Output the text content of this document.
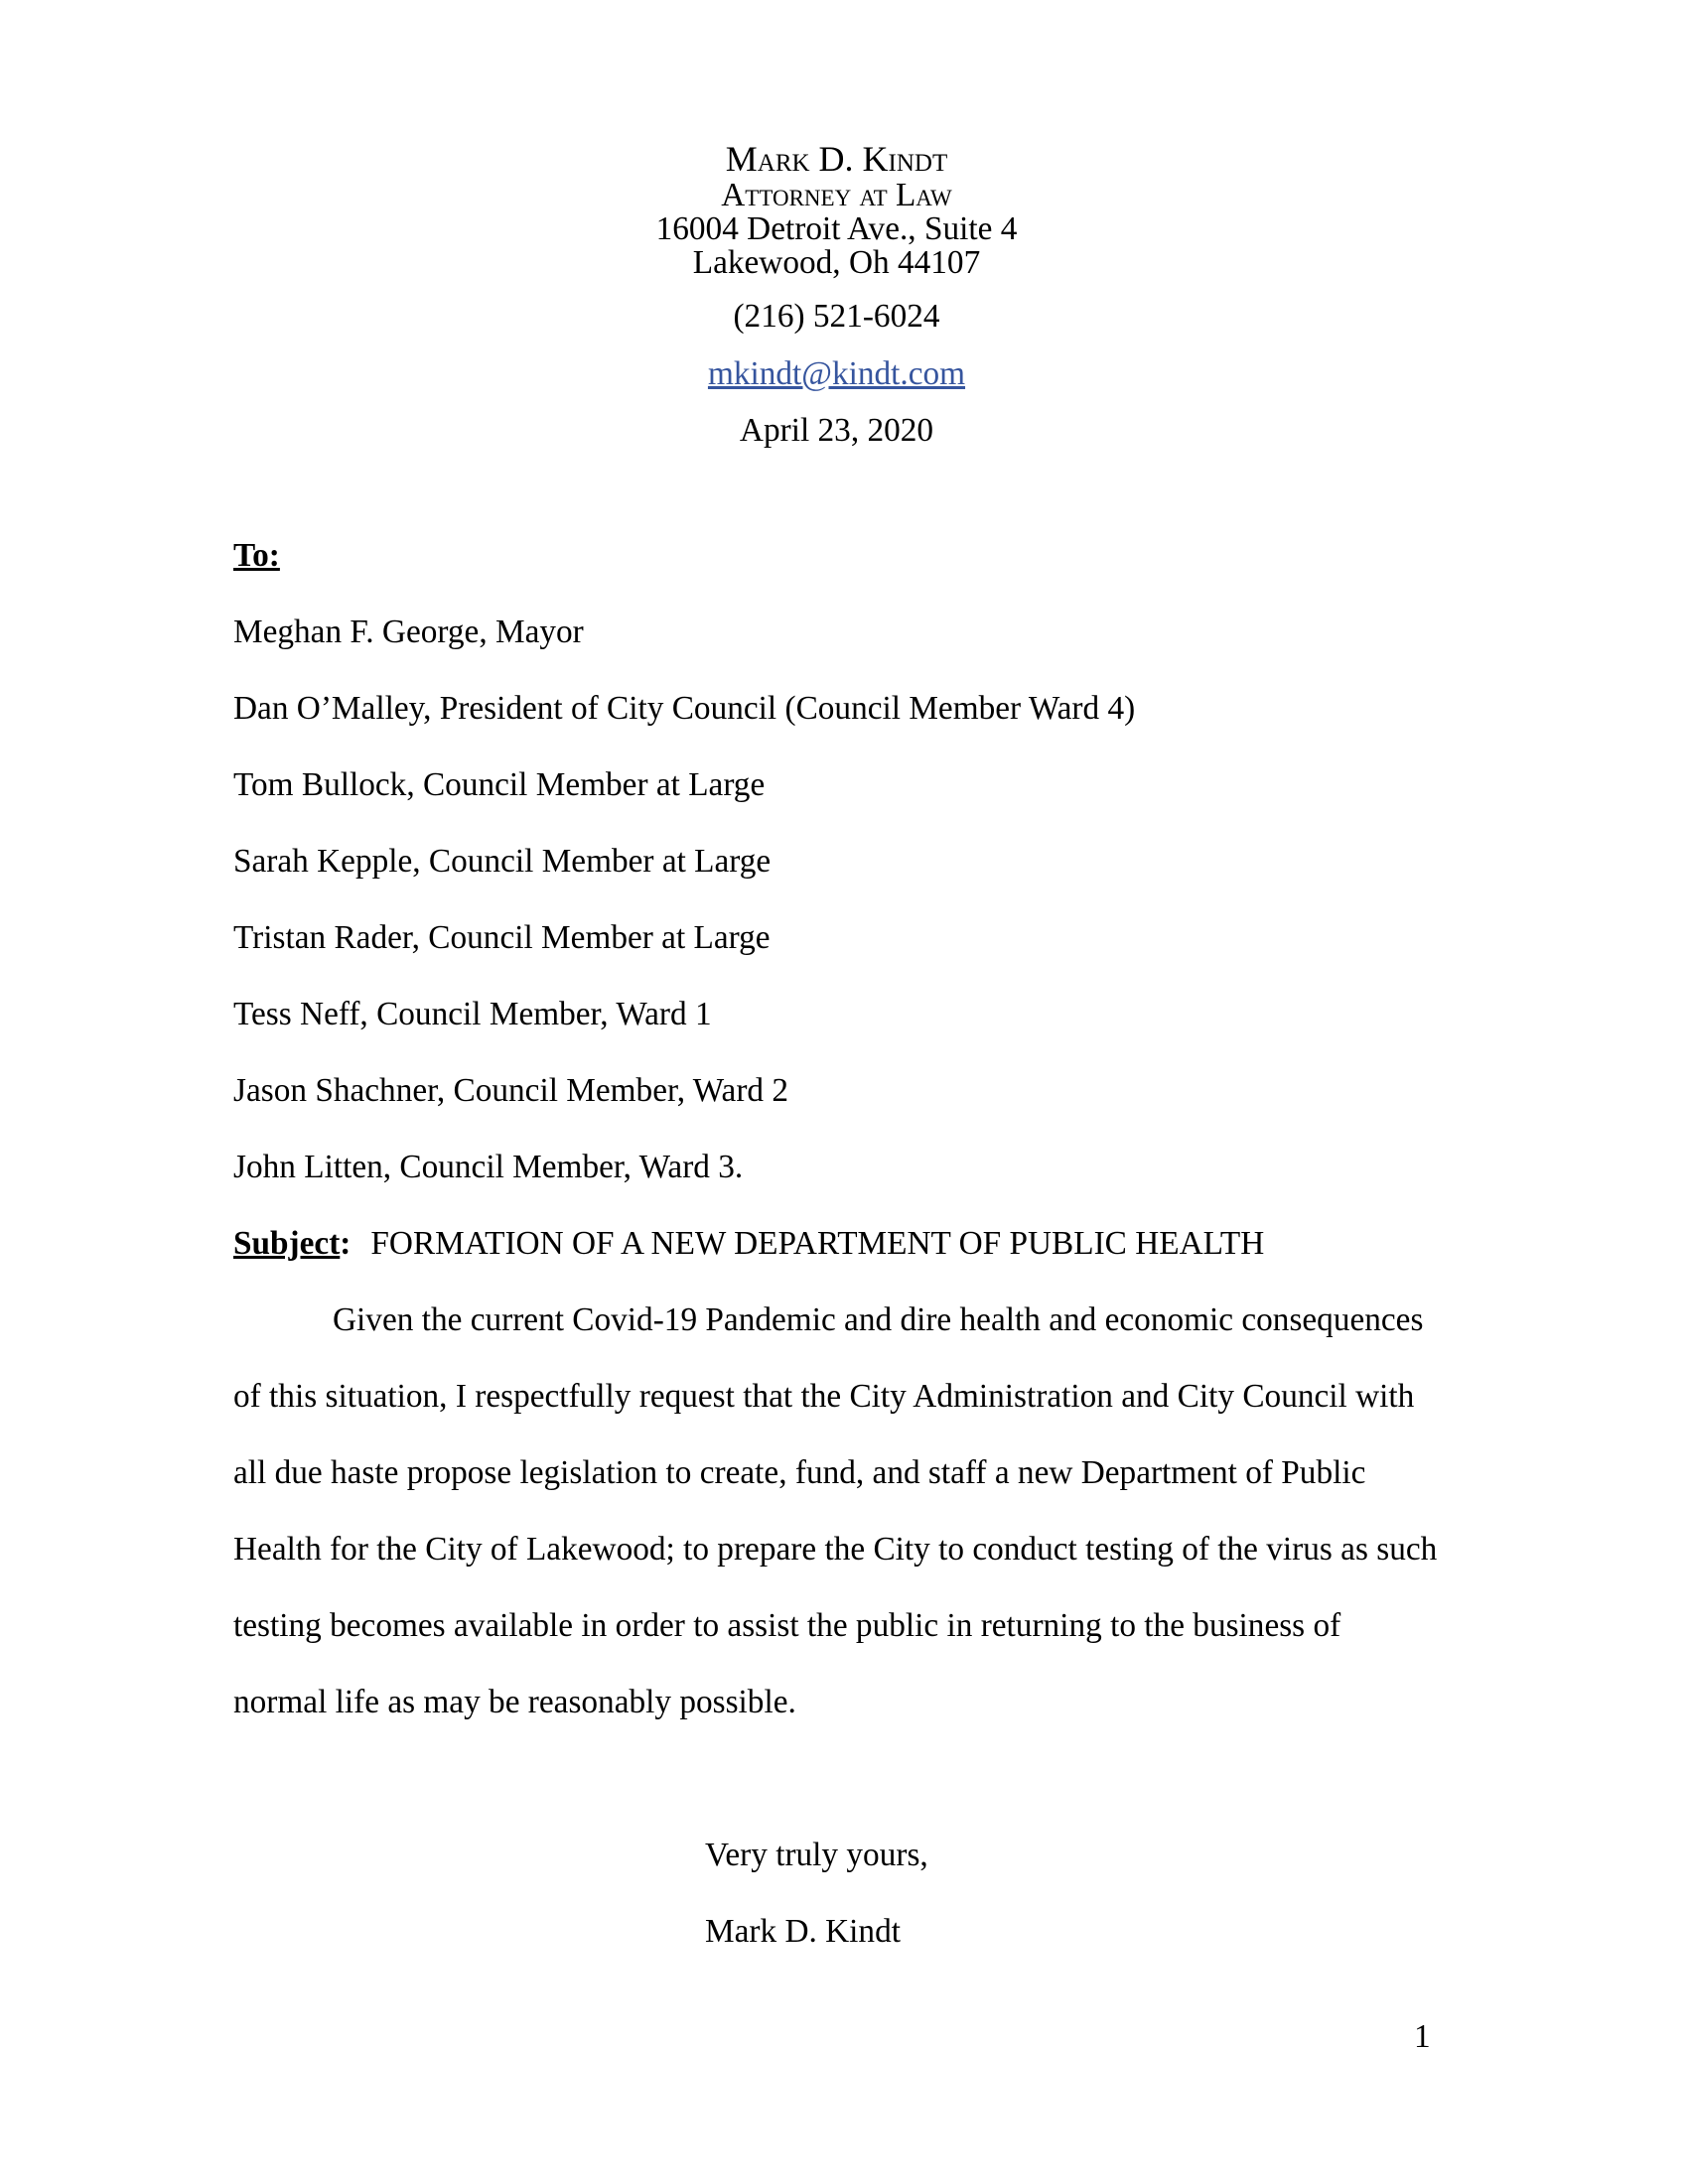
Mark D. Kindt
Attorney at Law
16004 Detroit Ave., Suite 4
Lakewood, Oh 44107
(216) 521-6024
mkindt@kindt.com
April 23, 2020
To:
Meghan F. George, Mayor
Dan O’Malley, President of City Council (Council Member Ward 4)
Tom Bullock, Council Member at Large
Sarah Kepple, Council Member at Large
Tristan Rader, Council Member at Large
Tess Neff, Council Member, Ward 1
Jason Shachner, Council Member, Ward 2
John Litten, Council Member, Ward 3.
Subject: FORMATION OF A NEW DEPARTMENT OF PUBLIC HEALTH
Given the current Covid-19 Pandemic and dire health and economic consequences of this situation, I respectfully request that the City Administration and City Council with all due haste propose legislation to create, fund, and staff a new Department of Public Health for the City of Lakewood; to prepare the City to conduct testing of the virus as such testing becomes available in order to assist the public in returning to the business of normal life as may be reasonably possible.
Very truly yours,
Mark D. Kindt
1
